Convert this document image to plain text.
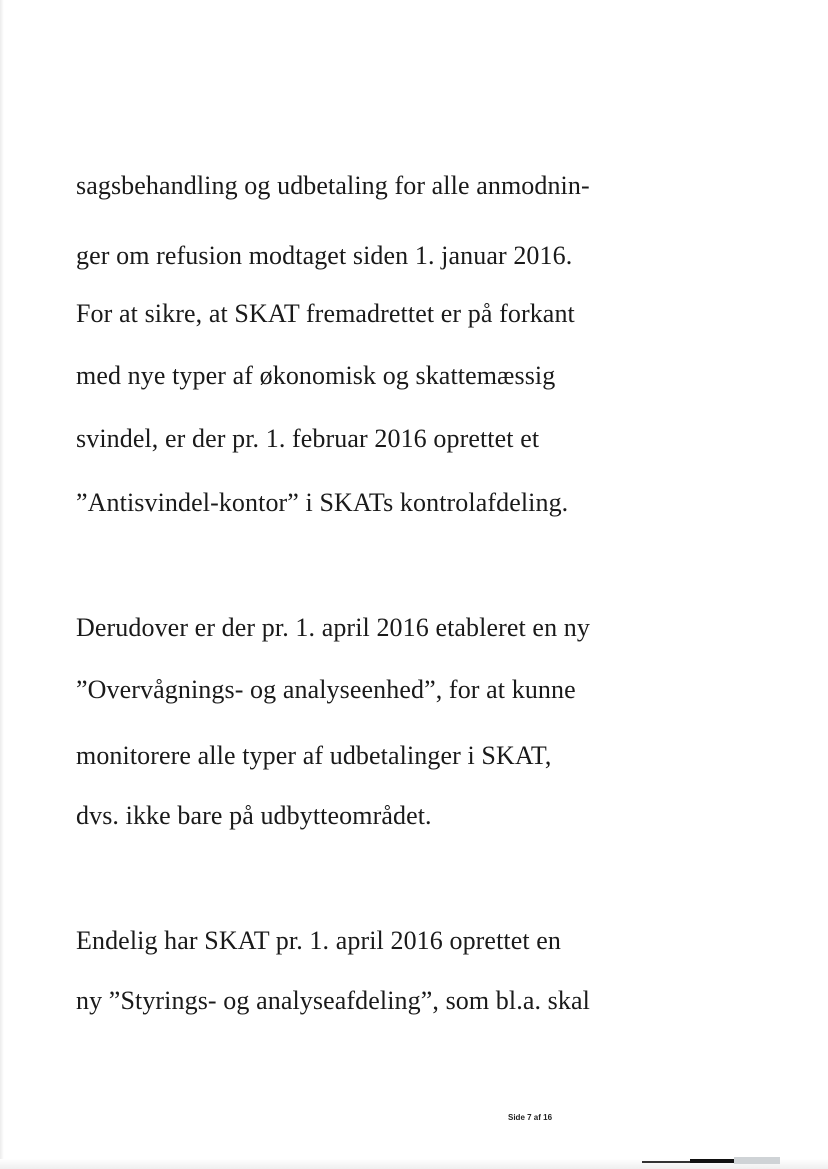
sagsbehandling og udbetaling for alle anmodnin-
ger om refusion modtaget siden 1. januar 2016.
For at sikre, at SKAT fremadrettet er på forkant
med nye typer af økonomisk og skattemæssig
svindel, er der pr. 1. februar 2016 oprettet et
”Antisvindel-kontor” i SKATs kontrolafdeling.
Derudover er der pr. 1. april 2016 etableret en ny
”Overvågnings- og analyseenhed”, for at kunne
monitorere alle typer af udbetalinger i SKAT,
dvs. ikke bare på udbytteområdet.
Endelig har SKAT pr. 1. april 2016 oprettet en
ny ”Styrings- og analyseafdeling”, som bl.a. skal
Side 7 af 16
